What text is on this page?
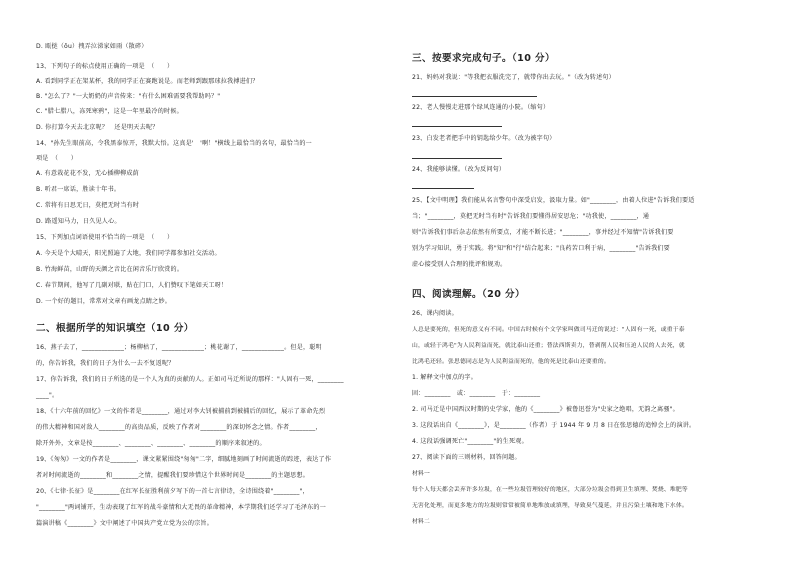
D. 瓯挞（ōu）拽弄泣涕家如雨（散碎）
13、下列句子的标点使用正确的一项是　（　　）
A. 看到同学正在架某杯，我的同学正在赛跑说是。而老师到跟那球拉我搏进们？
B. "怎么了？"一大奶奶的声音传来："有什么困难需要我帮助吗？"
C. "腊七腊八，冻死寒鸦"，这是一年里最冷的时候。
D. 你打算今天去北京呢？　还是明天去呢？
14、"孙先生眼前高，令我黑泰惊开，我默大悟。这真是'　'啊！"横线上最恰当的名句，最恰当的一
项是　（　　）
A. 有意栽花花不发，无心插柳柳成荫
B. 听君一席话，胜读十年书。
C. 常将有日思无日，莫把无时当有时
D. 路遥知马力，日久见人心。
15、下列加点词语使用不恰当的一项是　（　　）
A. 今天是个大晴天，阳光照遍了大地，我们同学都参加社交活动。
B. 竹海鲜苗，山野的天颜之音比在闲音乐厅欣赏的。
C. 春节期间，他写了几副对联，贴在门口，人们赞叹下笔如天工呀！
D. 一个好的题目，常常对文章有画龙点睛之妙。
二、根据所学的知识填空（10 分）
16、燕子去了，_____________；杨柳枯了，_____________；桃花谢了，_____________。但是，聪明
的，你告诉我，我们的日子为什么一去不复返呢？
17、你告诉我，我们的日子所选的是一个人为真的贡献的人。正如司马迁所说的那样："人固有一死，________
____"。
18、《十六年前的回忆》一文的作者是________，通过对李大钊被捕前到被捕后的回忆，展示了革命先烈
的伟大精神和国对敌人________的高贵品质，反映了作者对________的深切怀念之情。作者________，
除开外外，文章是按________、________、________、________的顺序来叙述的。
19、《匆匆》一文的作者是________，课文紧紧围绕"匆匆"二字，细腻地刻画了时间流逝的踪迹，表达了作
者对时间流逝的________和________之情，提醒我们要珍惜这个世界时间是________的主题思想。
20、《七律·长征》是________在红军长征胜利前夕写下的一首七言律诗，全诗围绕着"________"，
"________"两词铺开，生动表现了红军的战斗豪情和大无畏的革命精神，本学期我们还学习了毛泽东的一
篇演讲稿《________》文中阐述了中国共产党立党为公的宗旨。
三、按要求完成句子。（10 分）
21、妈妈对我说："等我把衣服洗完了，就带你出去玩。"（改为转述句）
22、老人慢慢走进那个绿风连通的小院。（缩句）
23、白发老者把手中的钥匙给少年。（改为被字句）
24、我能够读懂。（改为反问句）
25、【文中明理】我们能从名言警句中深受启发，汲取力量。如"________，由着人位进"告诉我们要适
当；"________，莫把无时当有时"告诉我们要懂得居安思危；"功我使，________，通
则"告诉我们事后杂志依然有所要点，才能不断长进；"________，事并经过不知情"告诉我们要
别为学习知识，勇于实践。将"知"和"行"结合起来；"良药苦口利于病，________"告诉我们要
虚心接受别人合理的批评和规劝。
四、阅读理解。（20 分）
26、课内阅读。
人总是要死的，但死的意义有不同。中国古时候有个文学家叫做司马迁的说过："人固有一死，或重于泰
山，或轻于鸿毛"为人民利益而死，就比泰山还重；替法西斯卖力，替剥削人民和压迫人民的人去死，就
比鸿毛还轻。张思德同志是为人民利益而死的，他的死是比泰山还要重的。
1. 解释文中加点的字。
固：________　或：________　于：________
2. 司马迁是中国西汉时期的史学家，他的《________》被鲁迅誉为"史家之绝唱，无韵之离骚"。
3. 这段话出自《________》，是________（作者）于 1944 年 9 月 8 日在张思德的追悼会上的演讲。
4. 这段话强调死亡"________"的生死观。
27、阅读下面的三则材料，回答问题。
材料一
每个人每天都会丢弃许多垃圾，在一些垃圾管理较好的地区，大部分垃圾会得到卫生填埋、焚烧、堆肥等
无害化处理，而更多地方的垃圾则常常被简单地堆放或填埋，导致臭气蔓延，并且污染土壤和地下水体。
材料二
